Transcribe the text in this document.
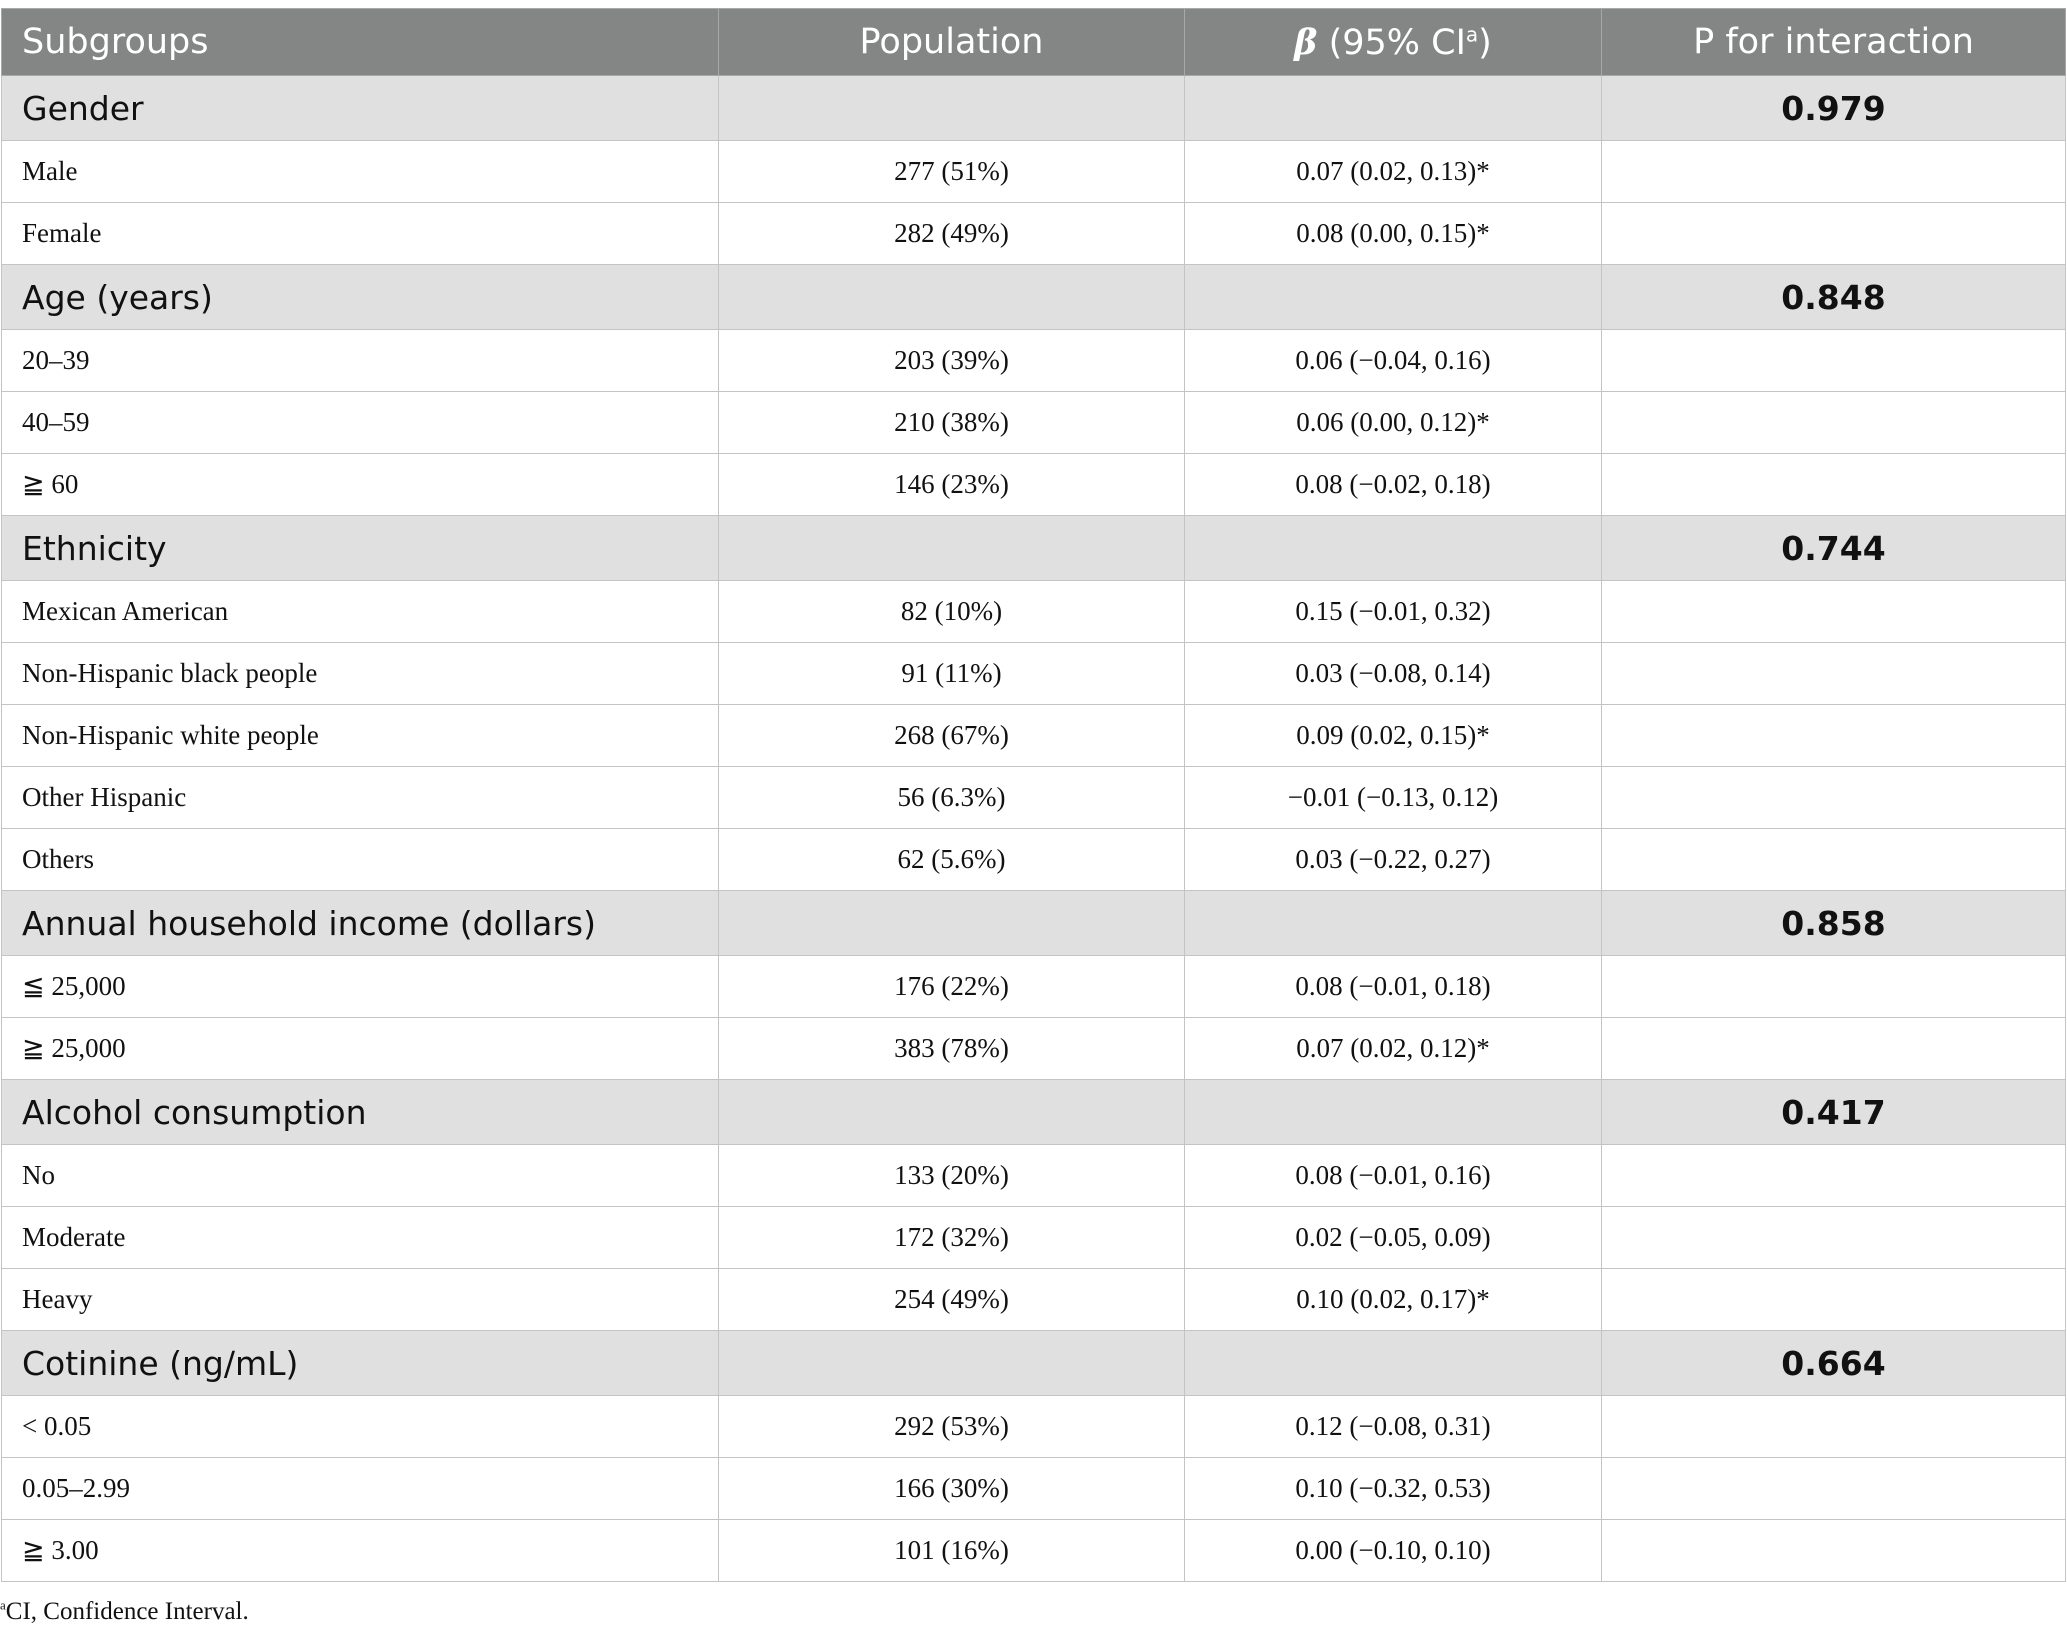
Subgroups	Population	β (95% $CI^a$)	P for interaction
Gender			0.979
Male	277 (51%)	0.07 (0.02, 0.13)*	
Female	282 (49%)	0.08 (0.00, 0.15)*	
Age (years)			0.848
20–39	203 (39%)	0.06 (−0.04, 0.16)	
40–59	210 (38%)	0.06 (0.00, 0.12)*	
≧ 60	146 (23%)	0.08 (−0.02, 0.18)	
Ethnicity			0.744
Mexican American	82 (10%)	0.15 (−0.01, 0.32)	
Non-Hispanic black people	91 (11%)	0.03 (−0.08, 0.14)	
Non-Hispanic white people	268 (67%)	0.09 (0.02, 0.15)*	
Other Hispanic	56 (6.3%)	−0.01 (−0.13, 0.12)	
Others	62 (5.6%)	0.03 (−0.22, 0.27)	
Annual household income (dollars)			0.858
≦ 25,000	176 (22%)	0.08 (−0.01, 0.18)	
≧ 25,000	383 (78%)	0.07 (0.02, 0.12)*	
Alcohol consumption			0.417
No	133 (20%)	0.08 (−0.01, 0.16)	
Moderate	172 (32%)	0.02 (−0.05, 0.09)	
Heavy	254 (49%)	0.10 (0.02, 0.17)*	
Cotinine (ng/mL)			0.664
< 0.05	292 (53%)	0.12 (−0.08, 0.31)	
0.05–2.99	166 (30%)	0.10 (−0.32, 0.53)	
≧ 3.00	101 (16%)	0.00 (−0.10, 0.10)	
$^a$CI, Confidence Interval.
